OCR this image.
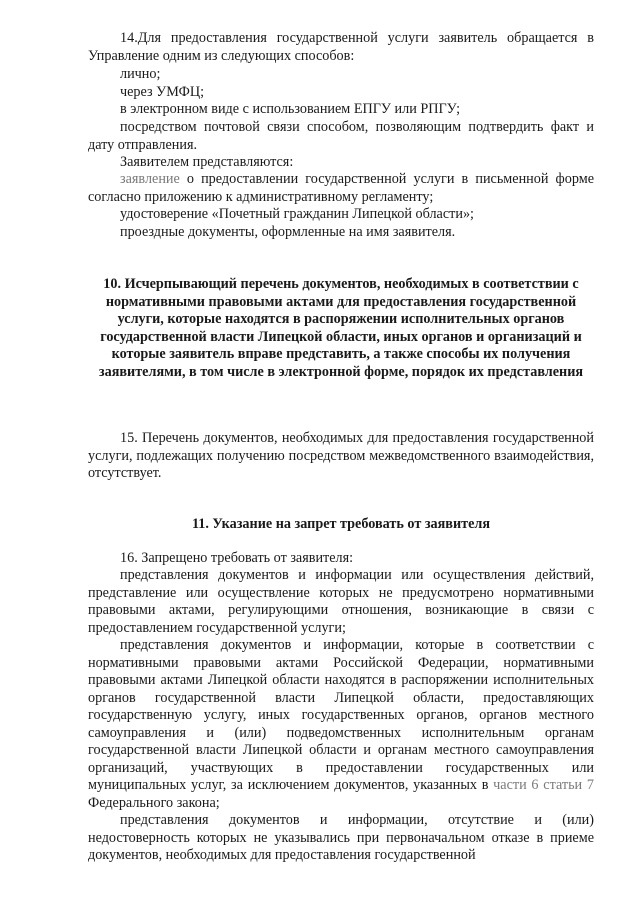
14.Для предоставления государственной услуги заявитель обращается в Управление одним из следующих способов:

лично;

через УМФЦ;

в электронном виде с использованием ЕПГУ или РПГУ;

посредством почтовой связи способом, позволяющим подтвердить факт и дату отправления.

Заявителем представляются:

заявление о предоставлении государственной услуги в письменной форме согласно приложению к административному регламенту;

удостоверение «Почетный гражданин Липецкой области»;

проездные документы, оформленные на имя заявителя.

10. Исчерпывающий перечень документов, необходимых в соответствии с нормативными правовыми актами для предоставления государственной услуги, которые находятся в распоряжении исполнительных органов государственной власти Липецкой области, иных органов и организаций и которые заявитель вправе представить, а также способы их получения заявителями, в том числе в электронной форме, порядок их представления

15. Перечень документов, необходимых для предоставления государственной услуги, подлежащих получению посредством межведомственного взаимодействия, отсутствует.

11. Указание на запрет требовать от заявителя

16. Запрещено требовать от заявителя:

представления документов и информации или осуществления действий, представление или осуществление которых не предусмотрено нормативными правовыми актами, регулирующими отношения, возникающие в связи с предоставлением государственной услуги;

представления документов и информации, которые в соответствии с нормативными правовыми актами Российской Федерации, нормативными правовыми актами Липецкой области находятся в распоряжении исполнительных органов государственной власти Липецкой области, предоставляющих государственную услугу, иных государственных органов, органов местного самоуправления и (или) подведомственных исполнительным органам государственной власти Липецкой области и органам местного самоуправления организаций, участвующих в предоставлении государственных или муниципальных услуг, за исключением документов, указанных в части 6 статьи 7 Федерального закона;

представления документов и информации, отсутствие и (или) недостоверность которых не указывались при первоначальном отказе в приеме документов, необходимых для предоставления государственной
